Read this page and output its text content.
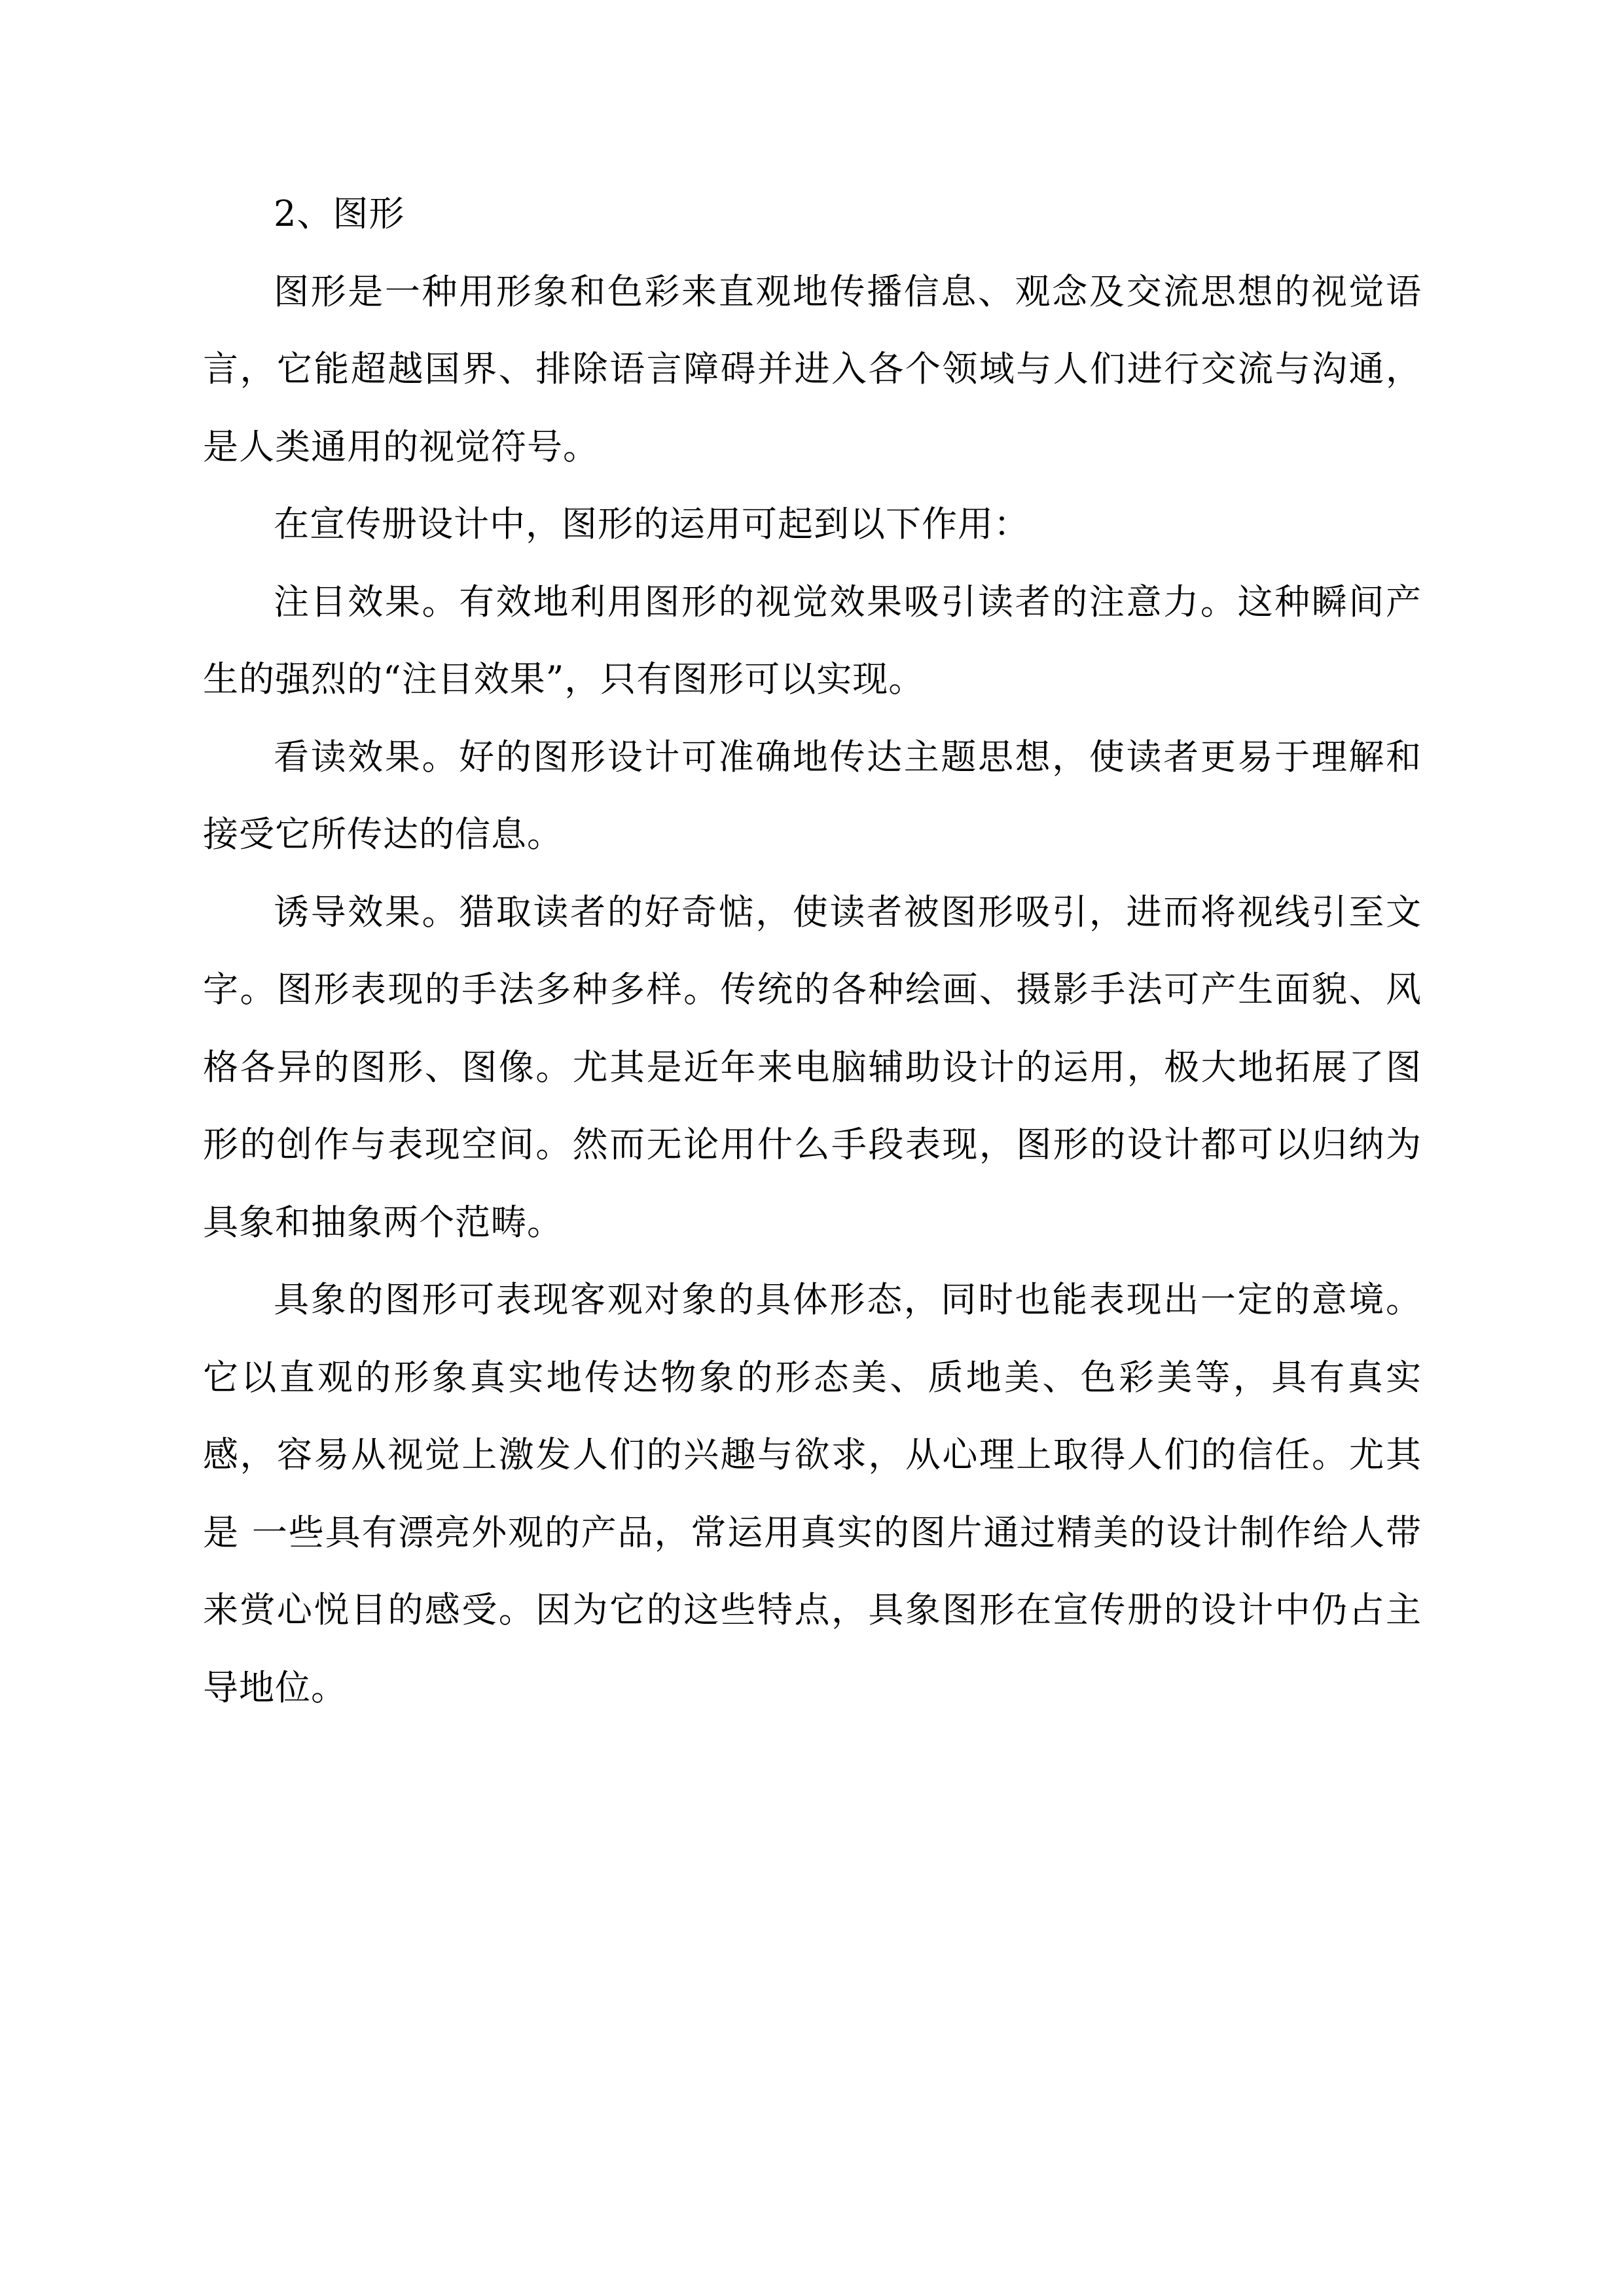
2、图形

图形是一种用形象和色彩来直观地传播信息、观念及交流思想的视觉语言，它能超越国界、排除语言障碍并进入各个领域与人们进行交流与沟通，是人类通用的视觉符号。

在宣传册设计中，图形的运用可起到以下作用：

注目效果。有效地利用图形的视觉效果吸引读者的注意力。这种瞬间产生的强烈的“注目效果”，只有图形可以实现。

看读效果。好的图形设计可准确地传达主题思想，使读者更易于理解和接受它所传达的信息。

诱导效果。猎取读者的好奇惦，使读者被图形吸引，进而将视线引至文字。图形表现的手法多种多样。传统的各种绘画、摄影手法可产生面貌、风格各异的图形、图像。尤其是近年来电脑辅助设计的运用，极大地拓展了图形的创作与表现空间。然而无论用什么手段表现，图形的设计都可以归纳为具象和抽象两个范畴。

具象的图形可表现客观对象的具体形态，同时也能表现出一定的意境。它以直观的形象真实地传达物象的形态美、质地美、色彩美等，具有真实感，容易从视觉上激发人们的兴趣与欲求，从心理上取得人们的信任。尤其是 一些具有漂亮外观的产品，常运用真实的图片通过精美的设计制作给人带来赏心悦目的感受。因为它的这些特点，具象图形在宣传册的设计中仍占主导地位。
